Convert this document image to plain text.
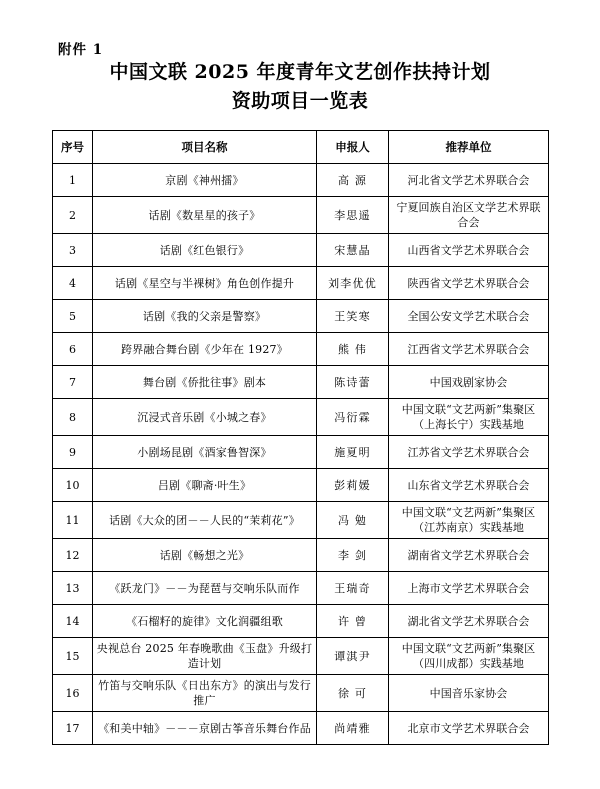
附件 1
中国文联 2025 年度青年文艺创作扶持计划
资助项目一览表
序号	项目名称	申报人	推荐单位
1	京剧《神州擂》	高 源	河北省文学艺术界联合会
2	话剧《数星星的孩子》	李思遥	宁夏回族自治区文学艺术界联合会
3	话剧《红色银行》	宋慧晶	山西省文学艺术界联合会
4	话剧《星空与半裸树》角色创作提升	刘李优优	陕西省文学艺术界联合会
5	话剧《我的父亲是警察》	王笑寒	全国公安文学艺术联合会
6	跨界融合舞台剧《少年在 1927》	熊 伟	江西省文学艺术界联合会
7	舞台剧《侨批往事》剧本	陈诗蕾	中国戏剧家协会
8	沉浸式音乐剧《小城之春》	冯衍霖	中国文联“文艺两新”集聚区（上海长宁）实践基地
9	小剧场昆剧《酒家鲁智深》	施夏明	江苏省文学艺术界联合会
10	吕剧《聊斋·叶生》	彭莉媛	山东省文学艺术界联合会
11	话剧《大众的团－－人民的“茉莉花”》	冯 勉	中国文联“文艺两新”集聚区（江苏南京）实践基地
12	话剧《畅想之光》	李 剑	湖南省文学艺术界联合会
13	《跃龙门》－－为琵琶与交响乐队而作	王瑞奇	上海市文学艺术界联合会
14	《石榴籽的旋律》文化润疆组歌	许 曾	湖北省文学艺术界联合会
15	央视总台 2025 年春晚歌曲《玉盘》升级打造计划	谭淇尹	中国文联“文艺两新”集聚区（四川成都）实践基地
16	竹笛与交响乐队《日出东方》的演出与发行推广	徐 可	中国音乐家协会
17	《和美中轴》－－－京剧古筝音乐舞台作品	尚靖雅	北京市文学艺术界联合会
